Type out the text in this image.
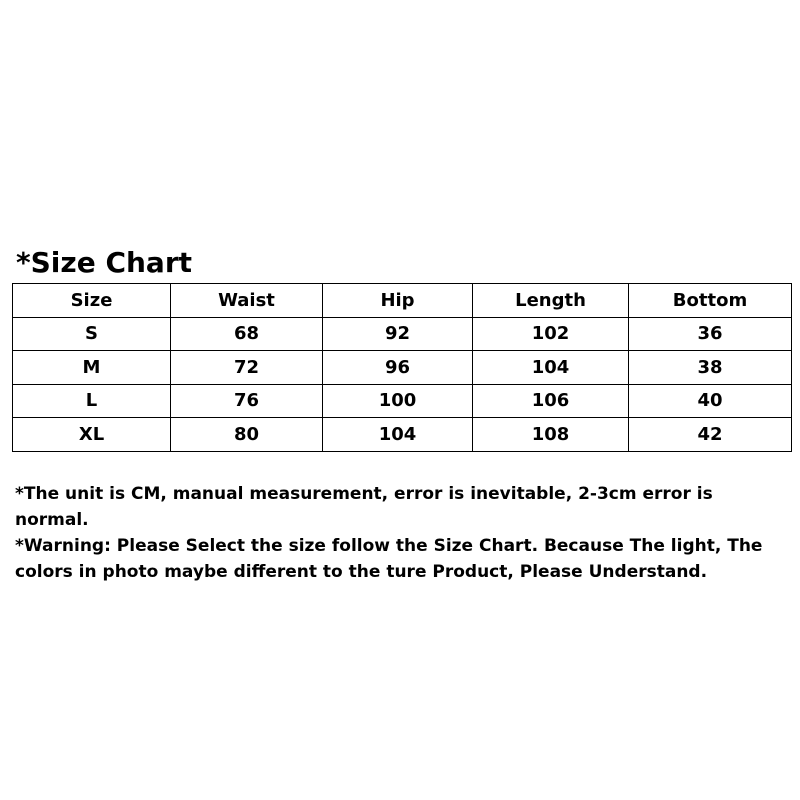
*Size Chart
Size	Waist	Hip	Length	Bottom
S	68	92	102	36
M	72	96	104	38
L	76	100	106	40
XL	80	104	108	42

*The unit is CM, manual measurement, error is inevitable, 2-3cm error is normal.

*Warning: Please Select the size follow the Size Chart. Because The light, The colors in photo maybe different to the ture Product, Please Understand.
